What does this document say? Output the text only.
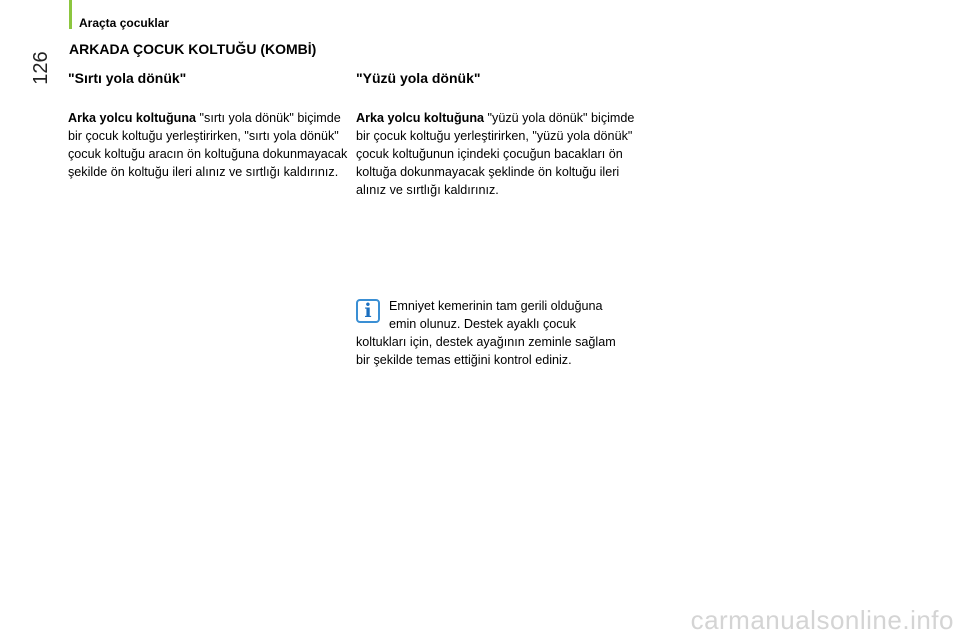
Araçta çocuklar
126
ARKADA ÇOCUK KOLTUĞU (KOMBİ)
"Sırtı yola dönük"	"Yüzü yola dönük"
Arka yolcu koltuğuna "sırtı yola dönük" biçimde bir çocuk koltuğu yerleştirirken, "sırtı yola dönük" çocuk koltuğu aracın ön koltuğuna dokunmayacak şekilde ön koltuğu ileri alınız ve sırtlığı kaldırınız.
Arka yolcu koltuğuna "yüzü yola dönük" biçimde bir çocuk koltuğu yerleştirirken, "yüzü yola dönük" çocuk koltuğunun içindeki çocuğun bacakları ön koltuğa dokunmayacak şeklinde ön koltuğu ileri alınız ve sırtlığı kaldırınız.
i	Emniyet kemerinin tam gerili olduğuna emin olunuz. Destek ayaklı çocuk koltukları için, destek ayağının zeminle sağlam bir şekilde temas ettiğini kontrol ediniz.
carmanualsonline.info
